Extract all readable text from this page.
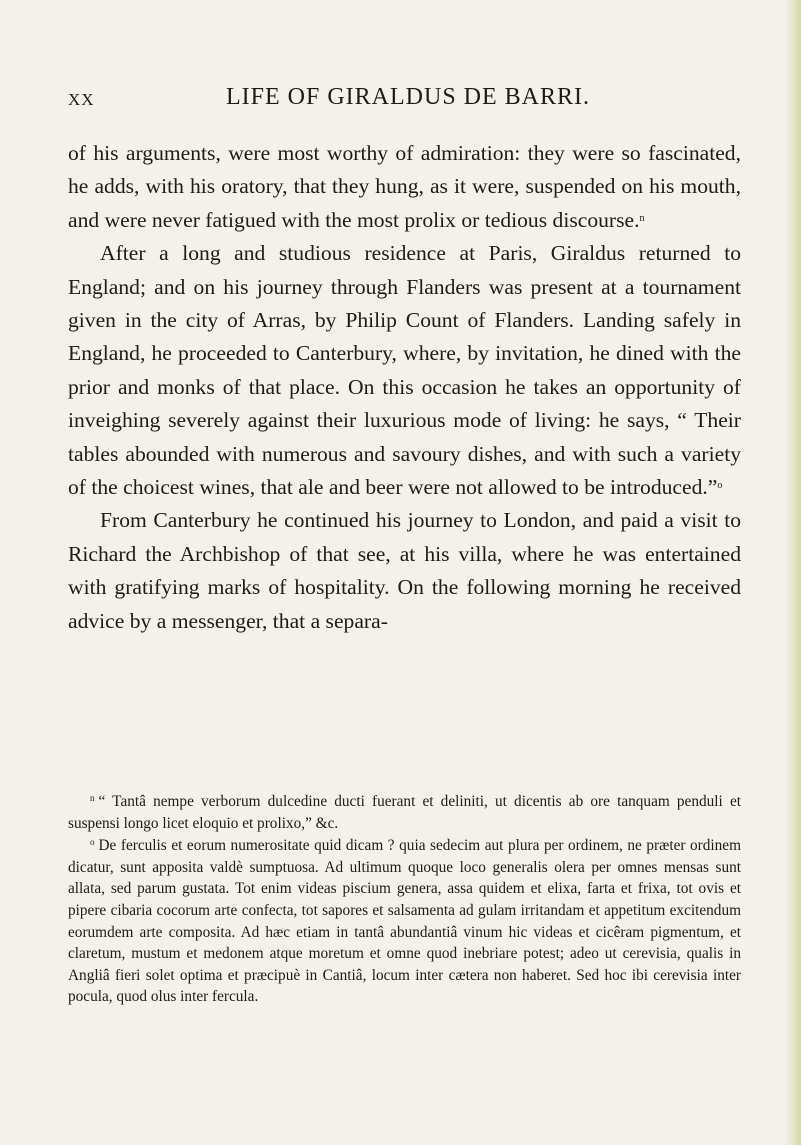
XX	LIFE OF GIRALDUS DE BARRI.

of his arguments, were most worthy of admiration: they were so fascinated, he adds, with his oratory, that they hung, as it were, suspended on his mouth, and were never fatigued with the most prolix or tedious discourse.$^n$

After a long and studious residence at Paris, Giraldus returned to England; and on his journey through Flanders was present at a tournament given in the city of Arras, by Philip Count of Flanders. Landing safely in England, he proceeded to Canterbury, where, by invitation, he dined with the prior and monks of that place. On this occasion he takes an opportunity of inveighing severely against their luxurious mode of living: he says, “ Their tables abounded with numerous and savoury dishes, and with such a variety of the choicest wines, that ale and beer were not allowed to be introduced.”$^o$

From Canterbury he continued his journey to London, and paid a visit to Richard the Archbishop of that see, at his villa, where he was entertained with gratifying marks of hospitality. On the following morning he received advice by a messenger, that a separa-

$^n$ “ Tantâ nempe verborum dulcedine ducti fuerant et deliniti, ut dicentis ab ore tanquam penduli et suspensi longo licet eloquio et prolixo,” &c.

$^o$ De ferculis et eorum numerositate quid dicam ? quia sedecim aut plura per ordinem, ne præter ordinem dicatur, sunt apposita valdè sumptuosa. Ad ultimum quoque loco generalis olera per omnes mensas sunt allata, sed parum gustata. Tot enim videas piscium genera, assa quidem et elixa, farta et frixa, tot ovis et pipere cibaria cocorum arte confecta, tot sapores et salsamenta ad gulam irritandam et appetitum excitendum eorumdem arte composita. Ad hæc etiam in tantâ abundantiâ vinum hic videas et cicêram pigmentum, et claretum, mustum et medonem atque moretum et omne quod inebriare potest; adeo ut cerevisia, qualis in Angliâ fieri solet optima et præcipuè in Cantiâ, locum inter cætera non haberet. Sed hoc ibi cerevisia inter pocula, quod olus inter fercula.
